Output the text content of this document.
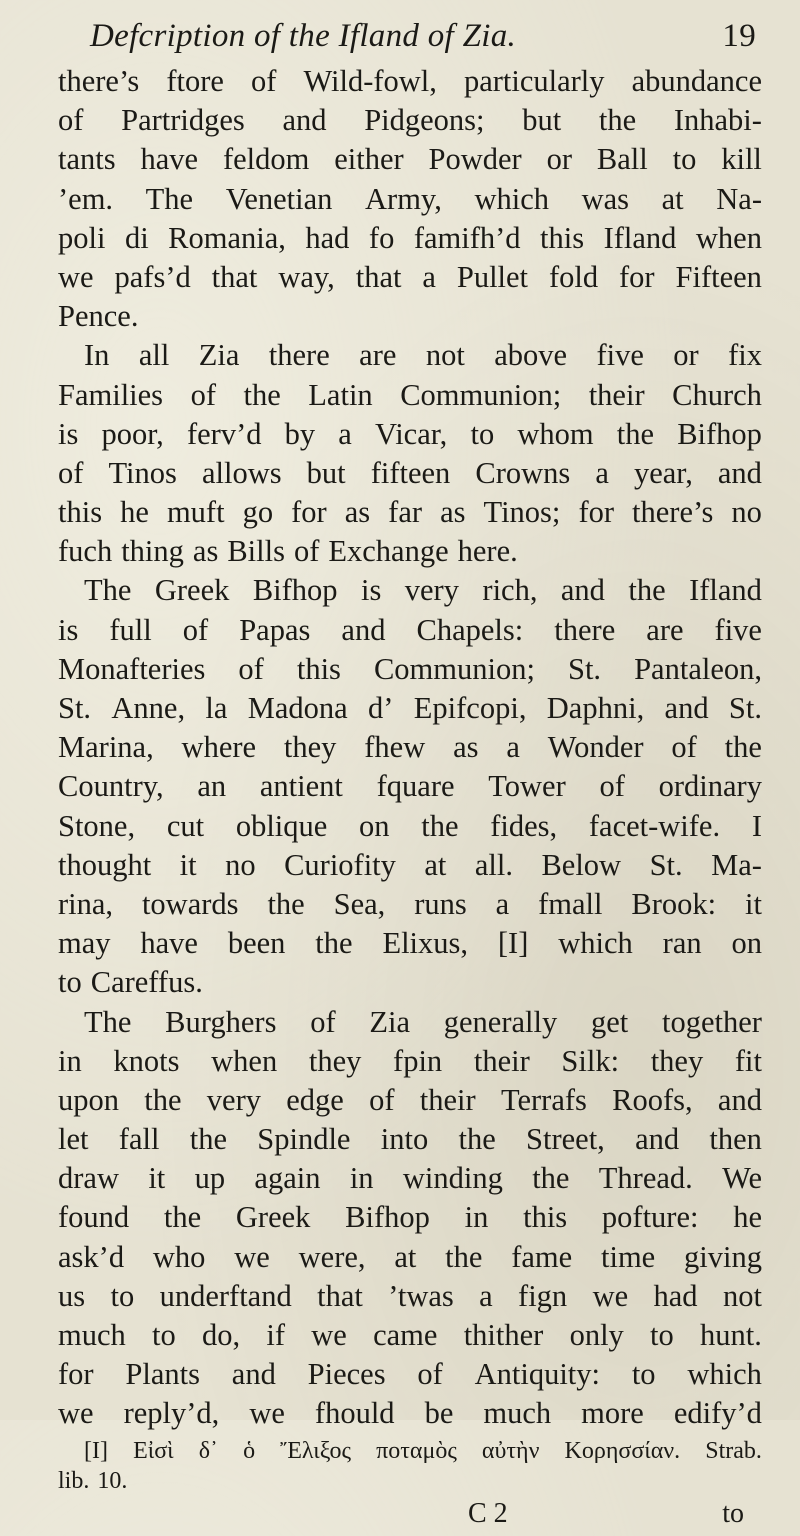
Defcription of the Ifland of Zia.	19
there’s ftore of Wild-fowl, particularly abundance
of Partridges and Pidgeons; but the Inhabi-
tants have feldom either Powder or Ball to kill
’em. The Venetian Army, which was at Na-
poli di Romania, had fo famifh’d this Ifland when
we pafs’d that way, that a Pullet fold for Fifteen
Pence.
In all Zia there are not above five or fix
Families of the Latin Communion; their Church
is poor, ferv’d by a Vicar, to whom the Bifhop
of Tinos allows but fifteen Crowns a year, and
this he muft go for as far as Tinos; for there’s no
fuch thing as Bills of Exchange here.
The Greek Bifhop is very rich, and the Ifland
is full of Papas and Chapels: there are five
Monafteries of this Communion; St. Pantaleon,
St. Anne, la Madona d’ Epifcopi, Daphni, and St.
Marina, where they fhew as a Wonder of the
Country, an antient fquare Tower of ordinary
Stone, cut oblique on the fides, facet-wife. I
thought it no Curiofity at all. Below St. Ma-
rina, towards the Sea, runs a fmall Brook: it
may have been the Elixus, [I] which ran on
to Careffus.
The Burghers of Zia generally get together
in knots when they fpin their Silk: they fit
upon the very edge of their Terrafs Roofs, and
let fall the Spindle into the Street, and then
draw it up again in winding the Thread. We
found the Greek Bifhop in this pofture: he
ask’d who we were, at the fame time giving
us to underftand that ’twas a fign we had not
much to do, if we came thither only to hunt.
for Plants and Pieces of Antiquity: to which
we reply’d, we fhould be much more edify’d
[I] Εἰσὶ δ᾽ ὁ Ἔλιξος ποταμὸς αὐτὴν Κορησσίαν. Strab.
lib. 10.
C 2	to
